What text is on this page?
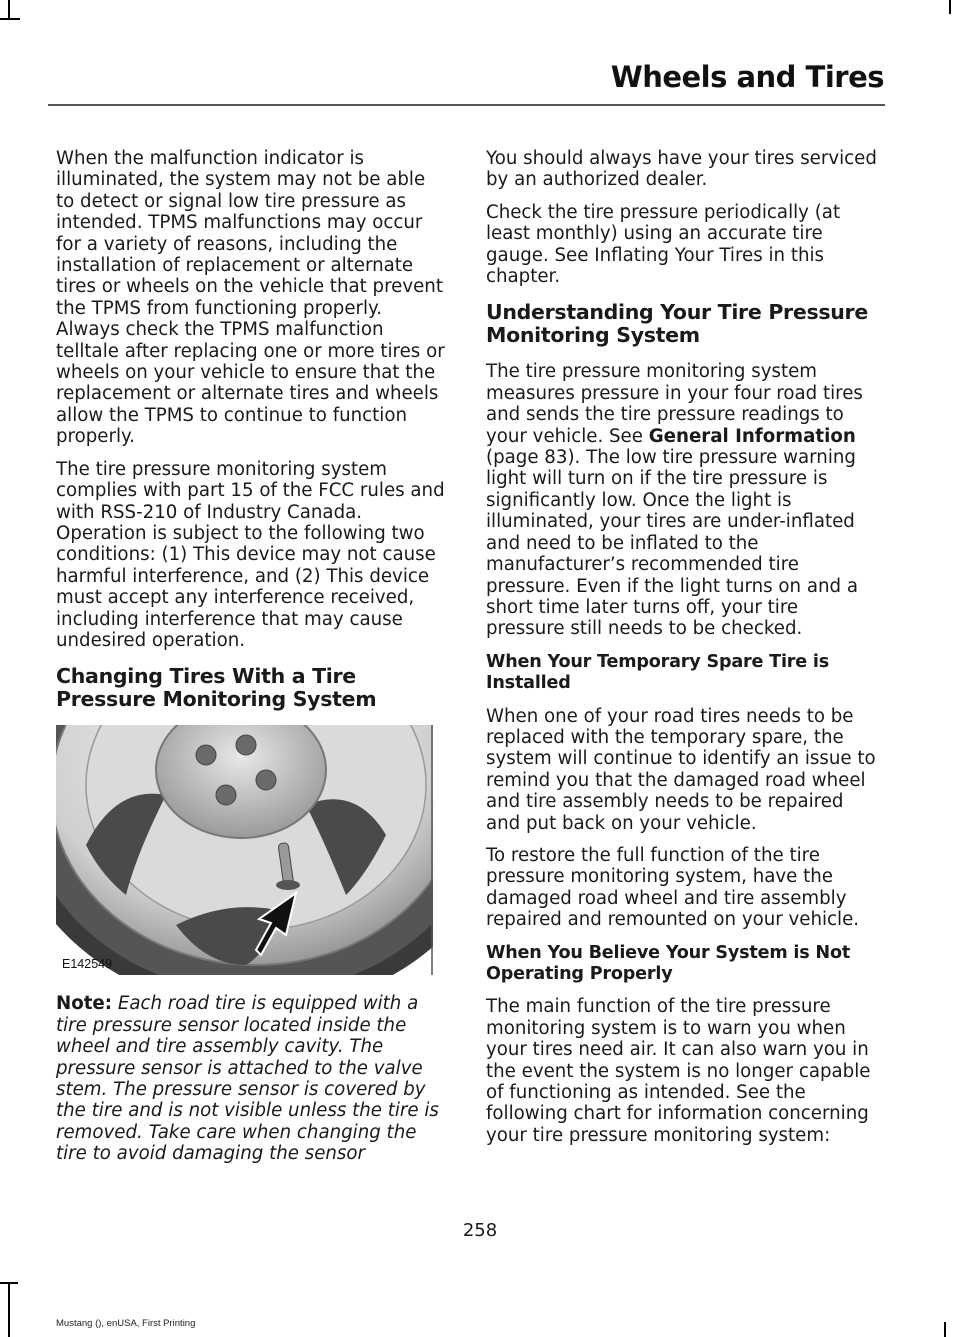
Wheels and Tires

When the malfunction indicator is illuminated, the system may not be able to detect or signal low tire pressure as intended. TPMS malfunctions may occur for a variety of reasons, including the installation of replacement or alternate tires or wheels on the vehicle that prevent the TPMS from functioning properly. Always check the TPMS malfunction telltale after replacing one or more tires or wheels on your vehicle to ensure that the replacement or alternate tires and wheels allow the TPMS to continue to function properly.

The tire pressure monitoring system complies with part 15 of the FCC rules and with RSS-210 of Industry Canada. Operation is subject to the following two conditions: (1) This device may not cause harmful interference, and (2) This device must accept any interference received, including interference that may cause undesired operation.

Changing Tires With a Tire Pressure Monitoring System
E142549

Note: Each road tire is equipped with a tire pressure sensor located inside the wheel and tire assembly cavity. The pressure sensor is attached to the valve stem. The pressure sensor is covered by the tire and is not visible unless the tire is removed. Take care when changing the tire to avoid damaging the sensor

You should always have your tires serviced by an authorized dealer.

Check the tire pressure periodically (at least monthly) using an accurate tire gauge. See Inflating Your Tires in this chapter.

Understanding Your Tire Pressure Monitoring System

The tire pressure monitoring system measures pressure in your four road tires and sends the tire pressure readings to your vehicle. See General Information (page 83). The low tire pressure warning light will turn on if the tire pressure is significantly low. Once the light is illuminated, your tires are under-inflated and need to be inflated to the manufacturer’s recommended tire pressure. Even if the light turns on and a short time later turns off, your tire pressure still needs to be checked.

When Your Temporary Spare Tire is Installed

When one of your road tires needs to be replaced with the temporary spare, the system will continue to identify an issue to remind you that the damaged road wheel and tire assembly needs to be repaired and put back on your vehicle.

To restore the full function of the tire pressure monitoring system, have the damaged road wheel and tire assembly repaired and remounted on your vehicle.

When You Believe Your System is Not Operating Properly

The main function of the tire pressure monitoring system is to warn you when your tires need air. It can also warn you in the event the system is no longer capable of functioning as intended. See the following chart for information concerning your tire pressure monitoring system:

258
Mustang (), enUSA, First Printing
